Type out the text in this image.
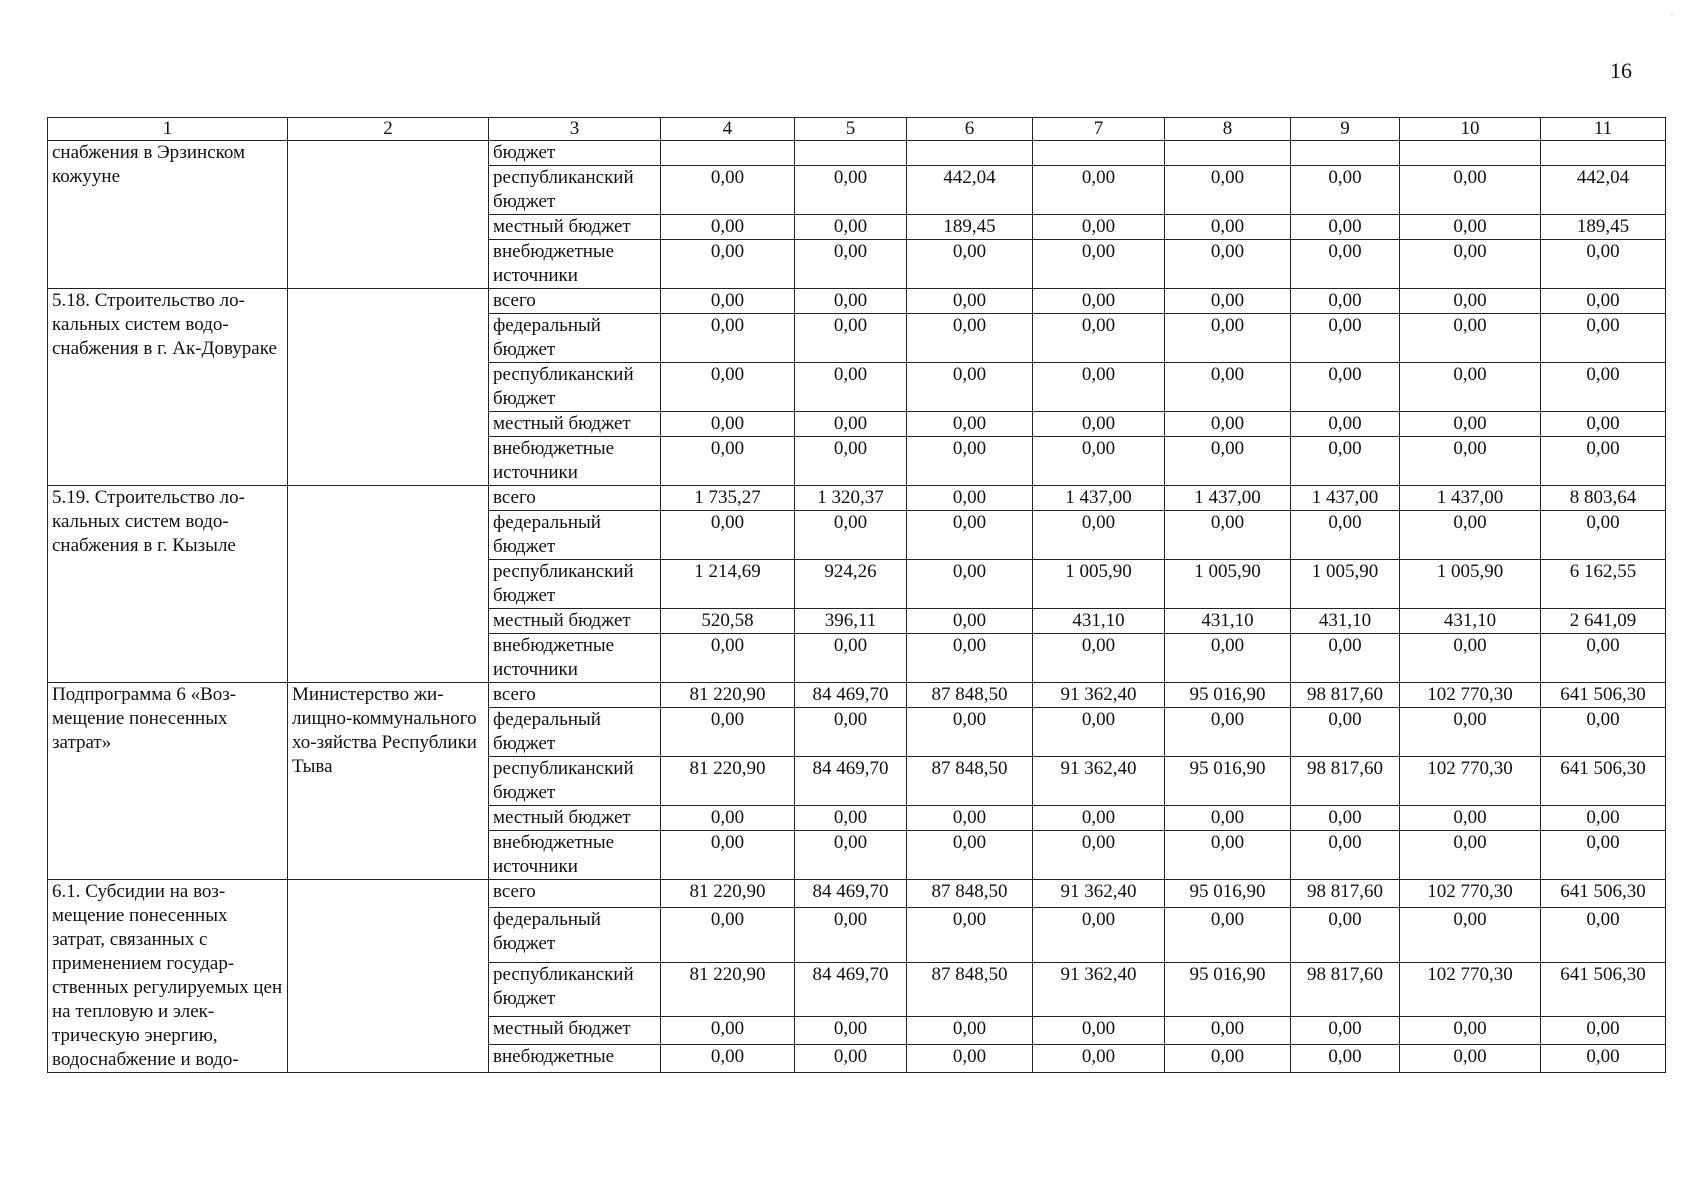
‧
16
1	2	3	4	5	6	7	8	9	10	11
снабжения в Эрзинском кожууне		бюджет								
		республиканский бюджет	0,00	0,00	442,04	0,00	0,00	0,00	0,00	442,04
		местный бюджет	0,00	0,00	189,45	0,00	0,00	0,00	0,00	189,45
		внебюджетные источники	0,00	0,00	0,00	0,00	0,00	0,00	0,00	0,00
5.18. Строительство ло-кальных систем водо-снабжения в г. Ак-Довураке		всего	0,00	0,00	0,00	0,00	0,00	0,00	0,00	0,00
		федеральный бюджет	0,00	0,00	0,00	0,00	0,00	0,00	0,00	0,00
		республиканский бюджет	0,00	0,00	0,00	0,00	0,00	0,00	0,00	0,00
		местный бюджет	0,00	0,00	0,00	0,00	0,00	0,00	0,00	0,00
		внебюджетные источники	0,00	0,00	0,00	0,00	0,00	0,00	0,00	0,00
5.19. Строительство ло-кальных систем водо-снабжения в г. Кызыле		всего	1 735,27	1 320,37	0,00	1 437,00	1 437,00	1 437,00	1 437,00	8 803,64
		федеральный бюджет	0,00	0,00	0,00	0,00	0,00	0,00	0,00	0,00
		республиканский бюджет	1 214,69	924,26	0,00	1 005,90	1 005,90	1 005,90	1 005,90	6 162,55
		местный бюджет	520,58	396,11	0,00	431,10	431,10	431,10	431,10	2 641,09
		внебюджетные источники	0,00	0,00	0,00	0,00	0,00	0,00	0,00	0,00
Подпрограмма 6 «Воз-мещение понесенных затрат»	Министерство жи-лищно-коммунального хо-зяйства Республики Тыва	всего	81 220,90	84 469,70	87 848,50	91 362,40	95 016,90	98 817,60	102 770,30	641 506,30
		федеральный бюджет	0,00	0,00	0,00	0,00	0,00	0,00	0,00	0,00
		республиканский бюджет	81 220,90	84 469,70	87 848,50	91 362,40	95 016,90	98 817,60	102 770,30	641 506,30
		местный бюджет	0,00	0,00	0,00	0,00	0,00	0,00	0,00	0,00
		внебюджетные источники	0,00	0,00	0,00	0,00	0,00	0,00	0,00	0,00
6.1. Субсидии на воз-мещение понесенных затрат, связанных с применением государ-ственных регулируемых цен на тепловую и элек-трическую энергию, водоснабжение и водо-		всего	81 220,90	84 469,70	87 848,50	91 362,40	95 016,90	98 817,60	102 770,30	641 506,30
		федеральный бюджет	0,00	0,00	0,00	0,00	0,00	0,00	0,00	0,00
		республиканский бюджет	81 220,90	84 469,70	87 848,50	91 362,40	95 016,90	98 817,60	102 770,30	641 506,30
		местный бюджет	0,00	0,00	0,00	0,00	0,00	0,00	0,00	0,00
		внебюджетные	0,00	0,00	0,00	0,00	0,00	0,00	0,00	0,00
